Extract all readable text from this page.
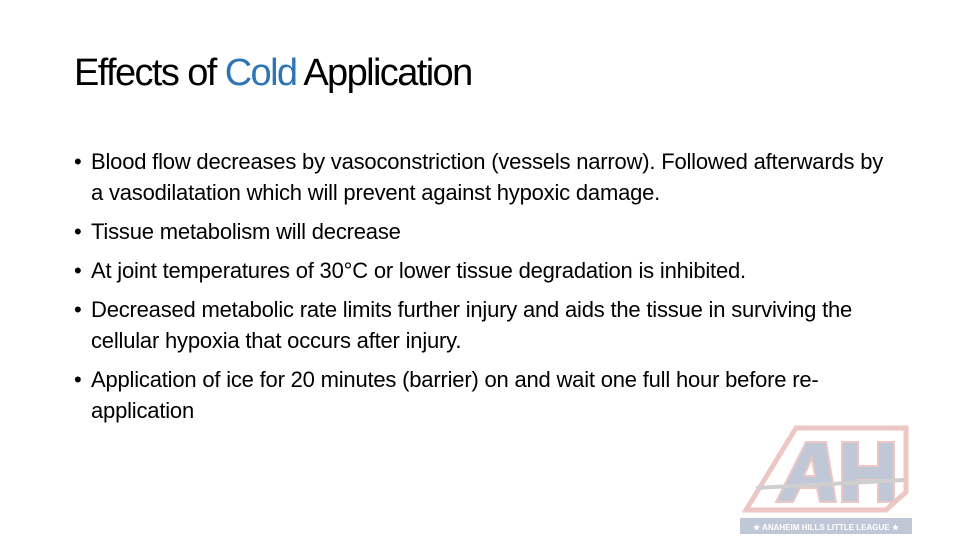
Effects of Cold Application
• Blood flow decreases by vasoconstriction (vessels narrow). Followed afterwards by a vasodilatation which will prevent against hypoxic damage.
• Tissue metabolism will decrease
• At joint temperatures of 30°C or lower tissue degradation is inhibited.
• Decreased metabolic rate limits further injury and aids the tissue in surviving the cellular hypoxia that occurs after injury.
• Application of ice for 20 minutes (barrier) on and wait one full hour before re-application
★ ANAHEIM HILLS LITTLE LEAGUE ★
